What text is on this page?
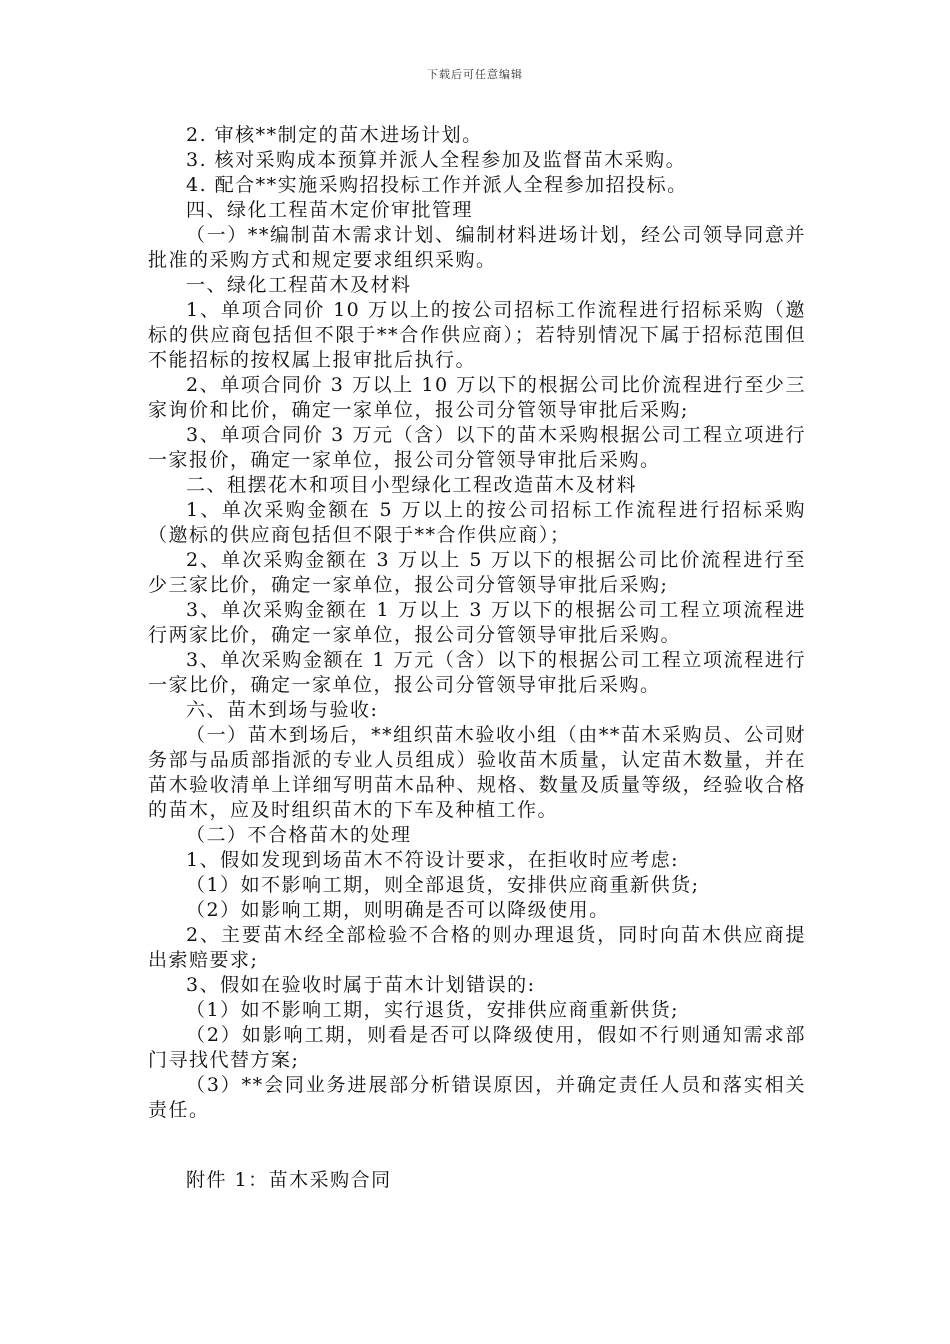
下载后可任意编辑

2. 审核**制定的苗木进场计划。

3. 核对采购成本预算并派人全程参加及监督苗木采购。

4. 配合**实施采购招投标工作并派人全程参加招投标。

四、绿化工程苗木定价审批管理

（一）**编制苗木需求计划、编制材料进场计划，经公司领导同意并批准的采购方式和规定要求组织采购。

一、绿化工程苗木及材料

1、单项合同价 10 万以上的按公司招标工作流程进行招标采购（邀标的供应商包括但不限于**合作供应商）；若特别情况下属于招标范围但不能招标的按权属上报审批后执行。

2、单项合同价 3 万以上 10 万以下的根据公司比价流程进行至少三家询价和比价，确定一家单位，报公司分管领导审批后采购;

3、单项合同价 3 万元（含）以下的苗木采购根据公司工程立项进行一家报价，确定一家单位，报公司分管领导审批后采购。

二、租摆花木和项目小型绿化工程改造苗木及材料

1、单次采购金额在 5 万以上的按公司招标工作流程进行招标采购（邀标的供应商包括但不限于**合作供应商）；

2、单次采购金额在 3 万以上 5 万以下的根据公司比价流程进行至少三家比价，确定一家单位，报公司分管领导审批后采购;

3、单次采购金额在 1 万以上 3 万以下的根据公司工程立项流程进行两家比价，确定一家单位，报公司分管领导审批后采购。

3、单次采购金额在 1 万元（含）以下的根据公司工程立项流程进行一家比价，确定一家单位，报公司分管领导审批后采购。

六、苗木到场与验收:

（一）苗木到场后，**组织苗木验收小组（由**苗木采购员、公司财务部与品质部指派的专业人员组成）验收苗木质量，认定苗木数量，并在苗木验收清单上详细写明苗木品种、规格、数量及质量等级，经验收合格的苗木，应及时组织苗木的下车及种植工作。

（二）不合格苗木的处理

1、假如发现到场苗木不符设计要求，在拒收时应考虑:

（1）如不影响工期，则全部退货，安排供应商重新供货;

（2）如影响工期，则明确是否可以降级使用。

2、主要苗木经全部检验不合格的则办理退货，同时向苗木供应商提出索赔要求;

3、假如在验收时属于苗木计划错误的:

（1）如不影响工期，实行退货，安排供应商重新供货;

（2）如影响工期，则看是否可以降级使用，假如不行则通知需求部门寻找代替方案;

（3）**会同业务进展部分析错误原因，并确定责任人员和落实相关责任。

附件 1：苗木采购合同
